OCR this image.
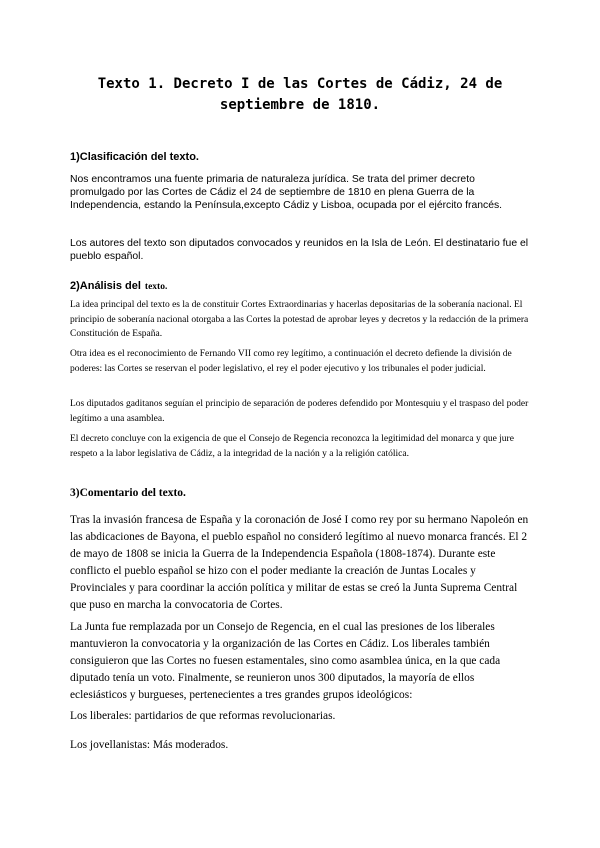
Texto 1. Decreto I de las Cortes de Cádiz, 24 de septiembre de 1810.

1)Clasificación del texto.

Nos encontramos una fuente primaria de naturaleza jurídica. Se trata del primer decreto promulgado por las Cortes de Cádiz el 24 de septiembre de 1810 en plena Guerra de la Independencia, estando la Península,excepto Cádiz y Lisboa, ocupada por el ejército francés.

Los autores del texto son diputados convocados y reunidos en la Isla de León. El destinatario fue el pueblo español.

2)Análisis del texto.

La idea principal del texto es la de constituir Cortes Extraordinarias y hacerlas depositarias de la soberanía nacional. El principio de soberanía nacional otorgaba a las Cortes la potestad de aprobar leyes y decretos y la redacción de la primera Constitución de España.

Otra idea es el reconocimiento de Fernando VII como rey legítimo, a continuación el decreto defiende la división de poderes: las Cortes se reservan el poder legislativo, el rey el poder ejecutivo y los tribunales el poder judicial.

Los diputados gaditanos seguían el principio de separación de poderes defendido por Montesquiu y el traspaso del poder legítimo a una asamblea.

El decreto concluye con la exigencia de que el Consejo de Regencia reconozca la legitimidad del monarca y que jure respeto a la labor legislativa de Cádiz, a la integridad de la nación y a la religión católica.

3)Comentario del texto.

Tras la invasión francesa de España y la coronación de José I como rey por su hermano Napoleón en las abdicaciones de Bayona, el pueblo español no consideró legítimo al nuevo monarca francés. El 2 de mayo de 1808 se inicia la Guerra de la Independencia Española (1808-1874). Durante este conflicto el pueblo español se hizo con el poder mediante la creación de Juntas Locales y Provinciales y para coordinar la acción política y militar de estas se creó la Junta Suprema Central que puso en marcha la convocatoria de Cortes.

La Junta fue remplazada por un Consejo de Regencia, en el cual las presiones de los liberales mantuvieron la convocatoria y la organización de las Cortes en Cádiz. Los liberales también consiguieron que las Cortes no fuesen estamentales, sino como asamblea única, en la que cada diputado tenía un voto. Finalmente, se reunieron unos 300 diputados, la mayoría de ellos eclesiásticos y burgueses, pertenecientes a tres grandes grupos ideológicos:

Los liberales: partidarios de que reformas revolucionarias.

Los jovellanistas: Más moderados.
